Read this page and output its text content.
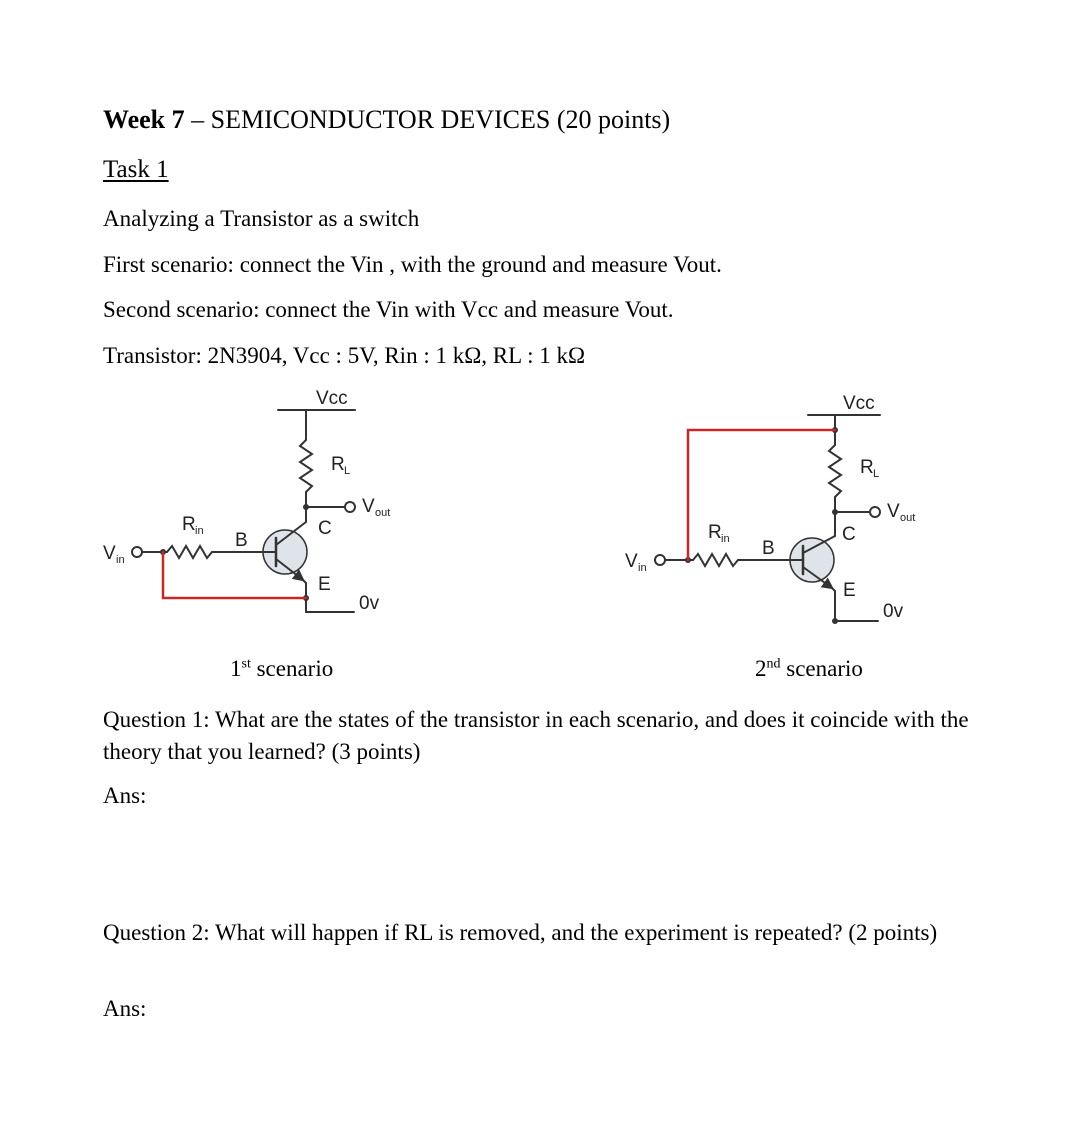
Week 7 – SEMICONDUCTOR DEVICES (20 points)

Task 1

Analyzing a Transistor as a switch

First scenario: connect the Vin , with the ground and measure Vout.

Second scenario: connect the Vin with Vcc and measure Vout.

Transistor: 2N3904, Vcc : 5V, Rin : 1 kΩ, RL : 1 kΩ

Vcc
R L
V out
R in B
C
E
0v
V in
Vcc
R L
V out
R in B
C
E
0v
V in
1st scenario	2nd scenario

Question 1: What are the states of the transistor in each scenario, and does it coincide with the theory that you learned? (3 points)

Ans:

Question 2: What will happen if RL is removed, and the experiment is repeated? (2 points)

Ans:
